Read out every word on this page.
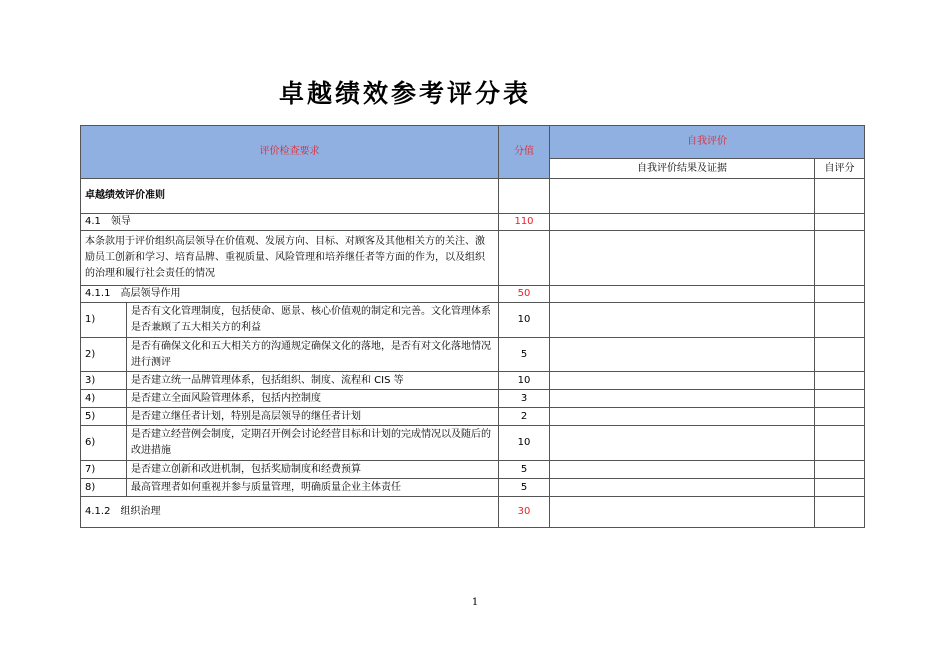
卓越绩效参考评分表
评价检查要求		分值	自我评价	
			自我评价结果及证据	自评分
卓越绩效评价准则				
4.1　领导		110		
本条款用于评价组织高层领导在价值观、发展方向、目标、对顾客及其他相关方的关注、激励员工创新和学习、培育品牌、重视质量、风险管理和培养继任者等方面的作为，以及组织的治理和履行社会责任的情况				
4.1.1　高层领导作用		50		
1)	是否有文化管理制度，包括使命、愿景、核心价值观的制定和完善。文化管理体系是否兼顾了五大相关方的利益	10		
2)	是否有确保文化和五大相关方的沟通规定确保文化的落地，是否有对文化落地情况进行测评	5		
3)	是否建立统一品牌管理体系，包括组织、制度、流程和 CIS 等	10		
4)	是否建立全面风险管理体系，包括内控制度	3		
5)	是否建立继任者计划，特别是高层领导的继任者计划	2		
6)	是否建立经营例会制度，定期召开例会讨论经营目标和计划的完成情况以及随后的改进措施	10		
7)	是否建立创新和改进机制，包括奖励制度和经费预算	5		
8)	最高管理者如何重视并参与质量管理，明确质量企业主体责任	5		
4.1.2　组织治理		30		
1
